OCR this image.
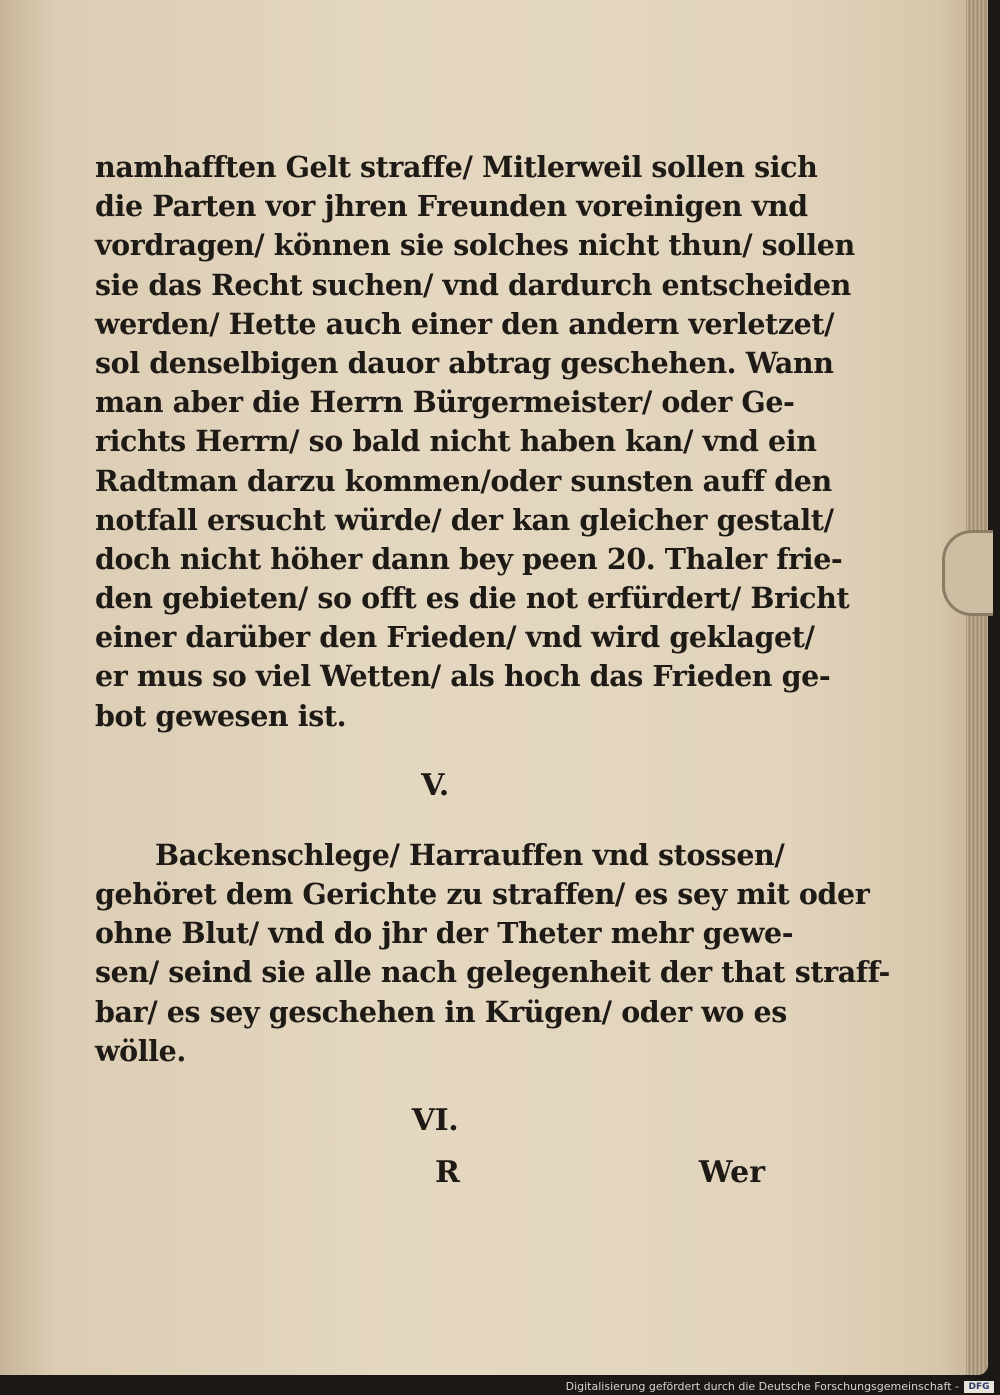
namhafften Gelt straffe/ Mitlerweil sollen sich
die Parten vor jhren Freunden voreinigen vnd
vordragen/ können sie solches nicht thun/ sollen
sie das Recht suchen/ vnd dardurch entscheiden
werden/ Hette auch einer den andern verletzet/
sol denselbigen dauor abtrag geschehen. Wann
man aber die Herrn Bürgermeister/ oder Ge-
richts Herrn/ so bald nicht haben kan/ vnd ein
Radtman darzu kommen/oder sunsten auff den
notfall ersucht würde/ der kan gleicher gestalt/
doch nicht höher dann bey peen 20. Thaler frie-
den gebieten/ so offt es die not erfürdert/ Bricht
einer darüber den Frieden/ vnd wird geklaget/
er mus so viel Wetten/ als hoch das Frieden ge-
bot gewesen ist.
V.
Backenschlege/ Harrauffen vnd stossen/
gehöret dem Gerichte zu straffen/ es sey mit oder
ohne Blut/ vnd do jhr der Theter mehr gewe-
sen/ seind sie alle nach gelegenheit der that straff-
bar/ es sey geschehen in Krügen/ oder wo es
wölle.
VI.
R	Wer
Digitalisierung gefördert durch die Deutsche Forschungsgemeinschaft -	DFG
